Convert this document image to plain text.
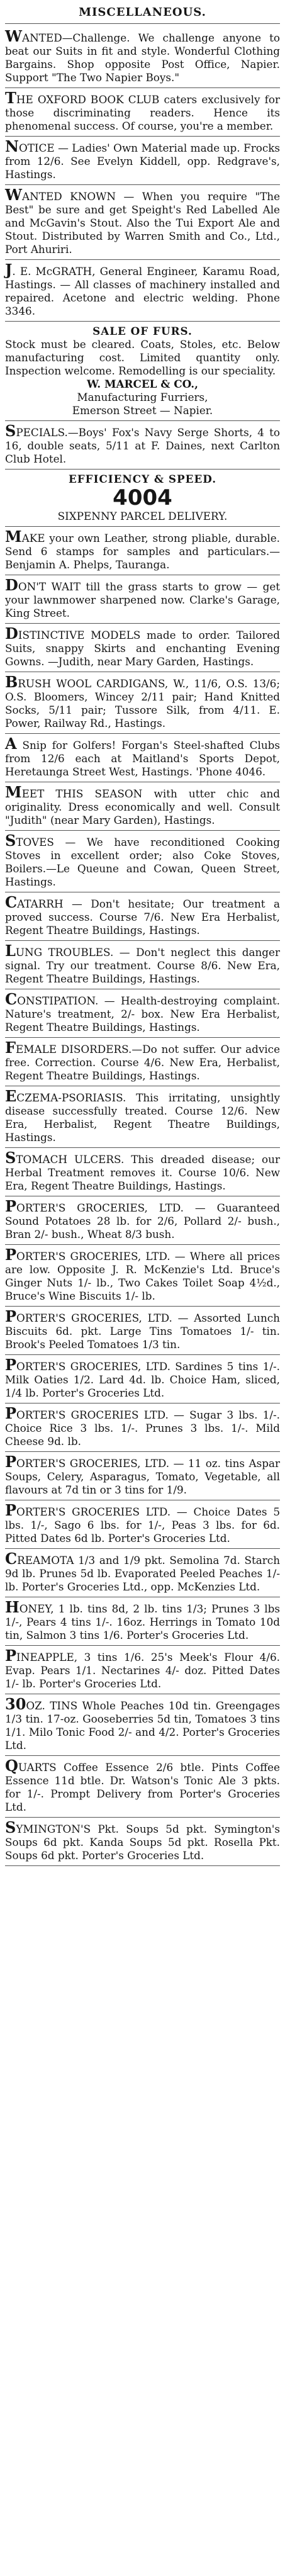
MISCELLANEOUS.

WANTED—Challenge. We challenge anyone to beat our Suits in fit and style. Wonderful Clothing Bargains. Shop opposite Post Office, Napier. Support "The Two Napier Boys."

THE OXFORD BOOK CLUB caters exclusively for those discriminating readers. Hence its phenomenal success. Of course, you're a member.

NOTICE — Ladies' Own Material made up. Frocks from 12/6. See Evelyn Kiddell, opp. Redgrave's, Hastings.

WANTED KNOWN — When you require "The Best" be sure and get Speight's Red Labelled Ale and McGavin's Stout. Also the Tui Export Ale and Stout. Distributed by Warren Smith and Co., Ltd., Port Ahuriri.

J. E. McGRATH, General Engineer, Karamu Road, Hastings. — All classes of machinery installed and repaired. Acetone and electric welding. Phone 3346.

SALE OF FURS.

Stock must be cleared. Coats, Stoles, etc. Below manufacturing cost. Limited quantity only. Inspection welcome. Remodelling is our speciality.

W. MARCEL & CO.,

Manufacturing Furriers,

Emerson Street — Napier.

SPECIALS.—Boys' Fox's Navy Serge Shorts, 4 to 16, double seats, 5/11 at F. Daines, next Carlton Club Hotel.

EFFICIENCY & SPEED.

4004

SIXPENNY PARCEL DELIVERY.

MAKE your own Leather, strong pliable, durable. Send 6 stamps for samples and particulars.—Benjamin A. Phelps, Tauranga.

DON'T WAIT till the grass starts to grow — get your lawnmower sharpened now. Clarke's Garage, King Street.

DISTINCTIVE MODELS made to order. Tailored Suits, snappy Skirts and enchanting Evening Gowns. —Judith, near Mary Garden, Hastings.

BRUSH WOOL CARDIGANS, W., 11/6, O.S. 13/6; O.S. Bloomers, Wincey 2/11 pair; Hand Knitted Socks, 5/11 pair; Tussore Silk, from 4/11. E. Power, Railway Rd., Hastings.

A Snip for Golfers! Forgan's Steel-shafted Clubs from 12/6 each at Maitland's Sports Depot, Heretaunga Street West, Hastings. 'Phone 4046.

MEET THIS SEASON with utter chic and originality. Dress economically and well. Consult "Judith" (near Mary Garden), Hastings.

STOVES — We have reconditioned Cooking Stoves in excellent order; also Coke Stoves, Boilers.—Le Queune and Cowan, Queen Street, Hastings.

CATARRH — Don't hesitate; Our treatment a proved success. Course 7/6. New Era Herbalist, Regent Theatre Buildings, Hastings.

LUNG TROUBLES. — Don't neglect this danger signal. Try our treatment. Course 8/6. New Era, Regent Theatre Buildings, Hastings.

CONSTIPATION. — Health-destroying complaint. Nature's treatment, 2/- box. New Era Herbalist, Regent Theatre Buildings, Hastings.

FEMALE DISORDERS.—Do not suffer. Our advice free. Correction. Course 4/6. New Era, Herbalist, Regent Theatre Buildings, Hastings.

ECZEMA-PSORIASIS. This irritating, unsightly disease successfully treated. Course 12/6. New Era, Herbalist, Regent Theatre Buildings, Hastings.

STOMACH ULCERS. This dreaded disease; our Herbal Treatment removes it. Course 10/6. New Era, Regent Theatre Buildings, Hastings.

PORTER'S GROCERIES, LTD. — Guaranteed Sound Potatoes 28 lb. for 2/6, Pollard 2/- bush., Bran 2/- bush., Wheat 8/3 bush.

PORTER'S GROCERIES, LTD. — Where all prices are low. Opposite J. R. McKenzie's Ltd. Bruce's Ginger Nuts 1/- lb., Two Cakes Toilet Soap 4½d., Bruce's Wine Biscuits 1/- lb.

PORTER'S GROCERIES, LTD. — Assorted Lunch Biscuits 6d. pkt. Large Tins Tomatoes 1/- tin. Brook's Peeled Tomatoes 1/3 tin.

PORTER'S GROCERIES, LTD. Sardines 5 tins 1/-. Milk Oaties 1/2. Lard 4d. lb. Choice Ham, sliced, 1/4 lb. Porter's Groceries Ltd.

PORTER'S GROCERIES LTD. — Sugar 3 lbs. 1/-. Choice Rice 3 lbs. 1/-. Prunes 3 lbs. 1/-. Mild Cheese 9d. lb.

PORTER'S GROCERIES, LTD. — 11 oz. tins Aspar Soups, Celery, Asparagus, Tomato, Vegetable, all flavours at 7d tin or 3 tins for 1/9.

PORTER'S GROCERIES LTD. — Choice Dates 5 lbs. 1/-, Sago 6 lbs. for 1/-, Peas 3 lbs. for 6d. Pitted Dates 6d lb. Porter's Groceries Ltd.

CREAMOTA 1/3 and 1/9 pkt. Semolina 7d. Starch 9d lb. Prunes 5d lb. Evaporated Peeled Peaches 1/- lb. Porter's Groceries Ltd., opp. McKenzies Ltd.

HONEY, 1 lb. tins 8d, 2 lb. tins 1/3; Prunes 3 lbs 1/-, Pears 4 tins 1/-. 16oz. Herrings in Tomato 10d tin, Salmon 3 tins 1/6. Porter's Groceries Ltd.

PINEAPPLE, 3 tins 1/6. 25's Meek's Flour 4/6. Evap. Pears 1/1. Nectarines 4/- doz. Pitted Dates 1/- lb. Porter's Groceries Ltd.

30OZ. TINS Whole Peaches 10d tin. Greengages 1/3 tin. 17-oz. Gooseberries 5d tin, Tomatoes 3 tins 1/1. Milo Tonic Food 2/- and 4/2. Porter's Groceries Ltd.

QUARTS Coffee Essence 2/6 btle. Pints Coffee Essence 11d btle. Dr. Watson's Tonic Ale 3 pkts. for 1/-. Prompt Delivery from Porter's Groceries Ltd.

SYMINGTON'S Pkt. Soups 5d pkt. Symington's Soups 6d pkt. Kanda Soups 5d pkt. Rosella Pkt. Soups 6d pkt. Porter's Groceries Ltd.
